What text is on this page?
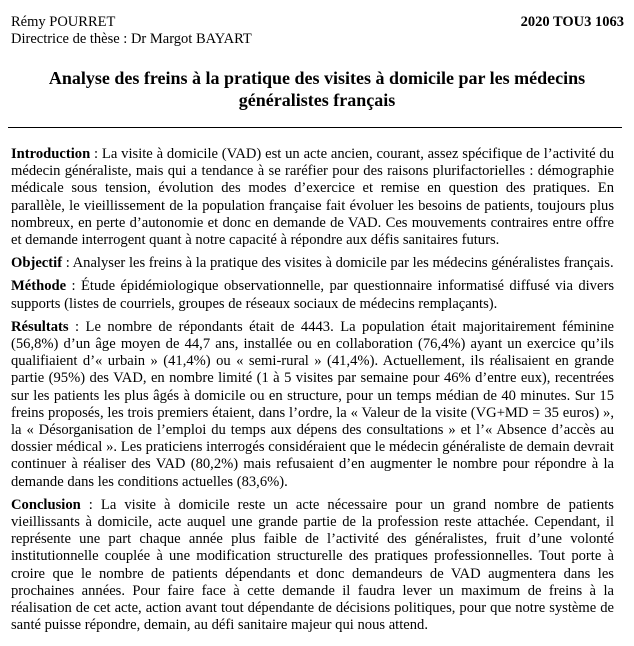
Rémy POURRET
Directrice de thèse : Dr Margot BAYART
2020 TOU3 1063
Analyse des freins à la pratique des visites à domicile par les médecins généralistes français

Introduction : La visite à domicile (VAD) est un acte ancien, courant, assez spécifique de l’activité du médecin généraliste, mais qui a tendance à se raréfier pour des raisons plurifactorielles : démographie médicale sous tension, évolution des modes d’exercice et remise en question des pratiques. En parallèle, le vieillissement de la population française fait évoluer les besoins de patients, toujours plus nombreux, en perte d’autonomie et donc en demande de VAD. Ces mouvements contraires entre offre et demande interrogent quant à notre capacité à répondre aux défis sanitaires futurs.

Objectif : Analyser les freins à la pratique des visites à domicile par les médecins généralistes français.

Méthode : Étude épidémiologique observationnelle, par questionnaire informatisé diffusé via divers supports (listes de courriels, groupes de réseaux sociaux de médecins remplaçants).

Résultats : Le nombre de répondants était de 4443. La population était majoritairement féminine (56,8%) d’un âge moyen de 44,7 ans, installée ou en collaboration (76,4%) ayant un exercice qu’ils qualifiaient d’« urbain » (41,4%) ou « semi-rural » (41,4%). Actuellement, ils réalisaient en grande partie (95%) des VAD, en nombre limité (1 à 5 visites par semaine pour 46% d’entre eux), recentrées sur les patients les plus âgés à domicile ou en structure, pour un temps médian de 40 minutes. Sur 15 freins proposés, les trois premiers étaient, dans l’ordre, la « Valeur de la visite (VG+MD = 35 euros) », la « Désorganisation de l’emploi du temps aux dépens des consultations » et l’« Absence d’accès au dossier médical ». Les praticiens interrogés considéraient que le médecin généraliste de demain devrait continuer à réaliser des VAD (80,2%) mais refusaient d’en augmenter le nombre pour répondre à la demande dans les conditions actuelles (83,6%).

Conclusion : La visite à domicile reste un acte nécessaire pour un grand nombre de patients vieillissants à domicile, acte auquel une grande partie de la profession reste attachée. Cependant, il représente une part chaque année plus faible de l’activité des généralistes, fruit d’une volonté institutionnelle couplée à une modification structurelle des pratiques professionnelles. Tout porte à croire que le nombre de patients dépendants et donc demandeurs de VAD augmentera dans les prochaines années. Pour faire face à cette demande il faudra lever un maximum de freins à la réalisation de cet acte, action avant tout dépendante de décisions politiques, pour que notre système de santé puisse répondre, demain, au défi sanitaire majeur qui nous attend.
